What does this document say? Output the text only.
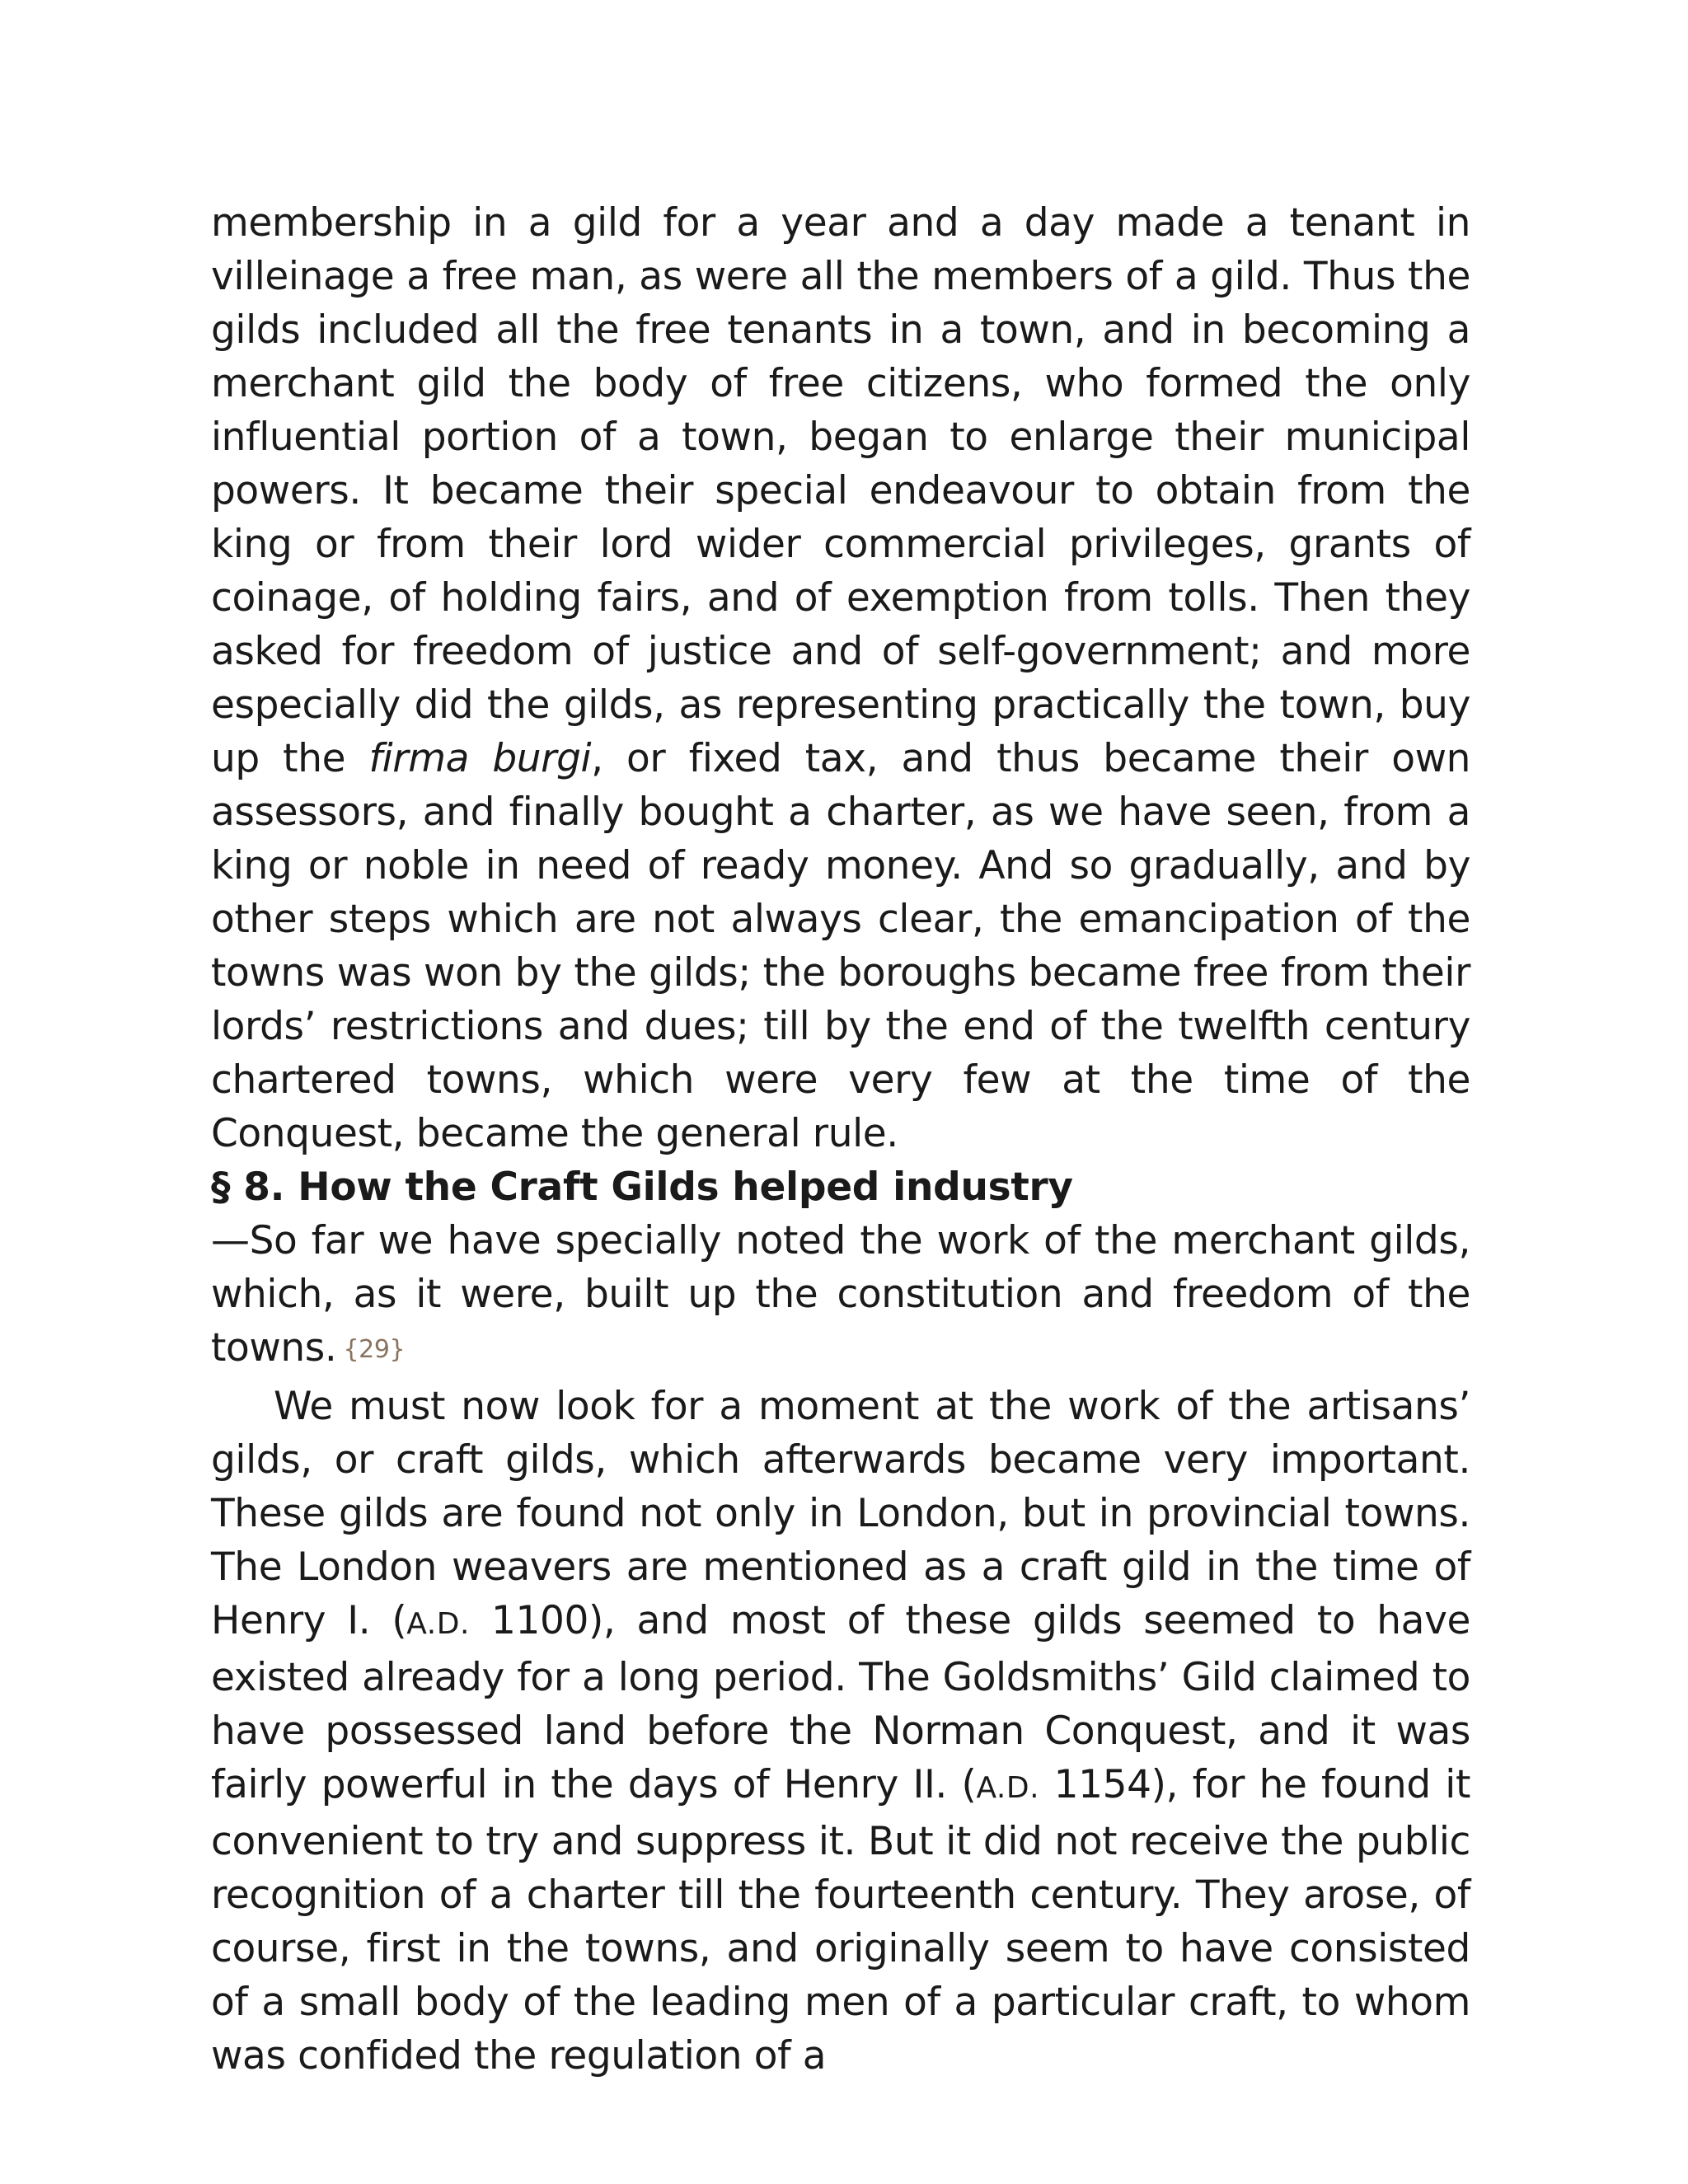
membership in a gild for a year and a day made a tenant in villeinage a free man, as were all the members of a gild. Thus the gilds included all the free tenants in a town, and in becoming a merchant gild the body of free citizens, who formed the only influential portion of a town, began to enlarge their municipal powers. It became their special endeavour to obtain from the king or from their lord wider commercial privileges, grants of coinage, of holding fairs, and of exemption from tolls. Then they asked for freedom of justice and of self-government; and more especially did the gilds, as representing practically the town, buy up the firma burgi, or fixed tax, and thus became their own assessors, and finally bought a charter, as we have seen, from a king or noble in need of ready money. And so gradually, and by other steps which are not always clear, the emancipation of the towns was won by the gilds; the boroughs became free from their lords’ restrictions and dues; till by the end of the twelfth century chartered towns, which were very few at the time of the Conquest, became the general rule.

§ 8. How the Craft Gilds helped industry

—So far we have specially noted the work of the merchant gilds, which, as it were, built up the constitution and freedom of the towns. {29}

We must now look for a moment at the work of the artisans’ gilds, or craft gilds, which afterwards became very important. These gilds are found not only in London, but in provincial towns. The London weavers are mentioned as a craft gild in the time of Henry I. (A.D. 1100), and most of these gilds seemed to have existed already for a long period. The Goldsmiths’ Gild claimed to have possessed land before the Norman Conquest, and it was fairly powerful in the days of Henry II. (A.D. 1154), for he found it convenient to try and suppress it. But it did not receive the public recognition of a charter till the fourteenth century. They arose, of course, first in the towns, and originally seem to have consisted of a small body of the leading men of a particular craft, to whom was confided the regulation of a
